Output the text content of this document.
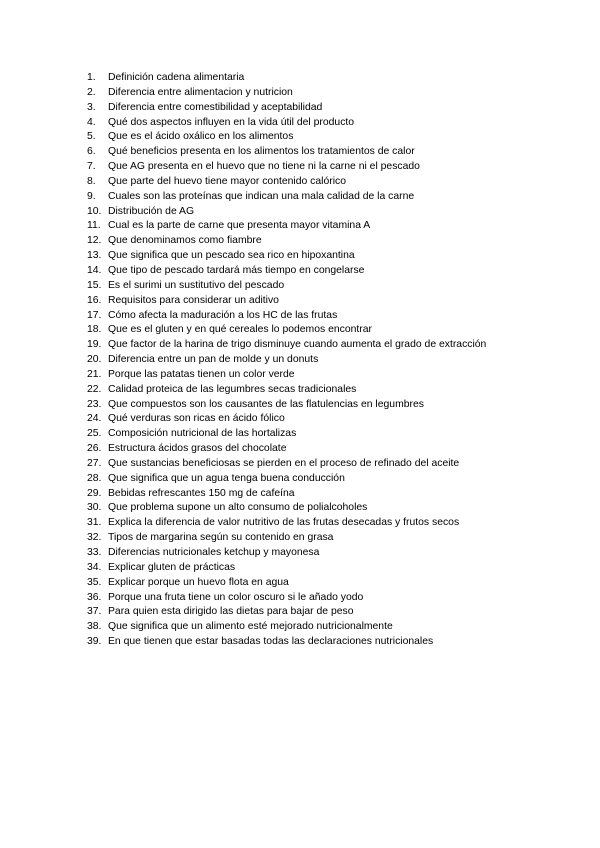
1.	Definición cadena alimentaria
2.	Diferencia entre alimentacion y nutricion
3.	Diferencia entre comestibilidad y aceptabilidad
4.	Qué dos aspectos influyen en la vida útil del producto
5.	Que es el ácido oxálico en los alimentos
6.	Qué beneficios presenta en los alimentos los tratamientos de calor
7.	Que AG presenta en el huevo que no tiene ni la carne ni el pescado
8.	Que parte del huevo tiene mayor contenido calórico
9.	Cuales son las proteínas que indican una mala calidad de la carne
10. Distribución de AG
11. Cual es la parte de carne que presenta mayor vitamina A
12. Que denominamos como fiambre
13. Que significa que un pescado sea rico en hipoxantina
14. Que tipo de pescado tardará más tiempo en congelarse
15. Es el surimi un sustitutivo del pescado
16. Requisitos para considerar un aditivo
17. Cómo afecta la maduración a los HC de las frutas
18. Que es el gluten y en qué cereales lo podemos encontrar
19. Que factor de la harina de trigo disminuye cuando aumenta el grado de extracción
20. Diferencia entre un pan de molde y un donuts
21. Porque las patatas tienen un color verde
22. Calidad proteica de las legumbres secas tradicionales
23. Que compuestos son los causantes de las flatulencias en legumbres
24. Qué verduras son ricas en ácido fólico
25. Composición nutricional de las hortalizas
26. Estructura ácidos grasos del chocolate
27. Que sustancias beneficiosas se pierden en el proceso de refinado del aceite
28. Que significa que un agua tenga buena conducción
29. Bebidas refrescantes 150 mg de cafeína
30. Que problema supone un alto consumo de polialcoholes
31. Explica la diferencia de valor nutritivo de las frutas desecadas y frutos secos
32. Tipos de margarina según su contenido en grasa
33. Diferencias nutricionales ketchup y mayonesa
34. Explicar gluten de prácticas
35. Explicar porque un huevo flota en agua
36. Porque una fruta tiene un color oscuro si le añado yodo
37. Para quien esta dirigido las dietas para bajar de peso
38. Que significa que un alimento esté mejorado nutricionalmente
39. En que tienen que estar basadas todas las declaraciones nutricionales
